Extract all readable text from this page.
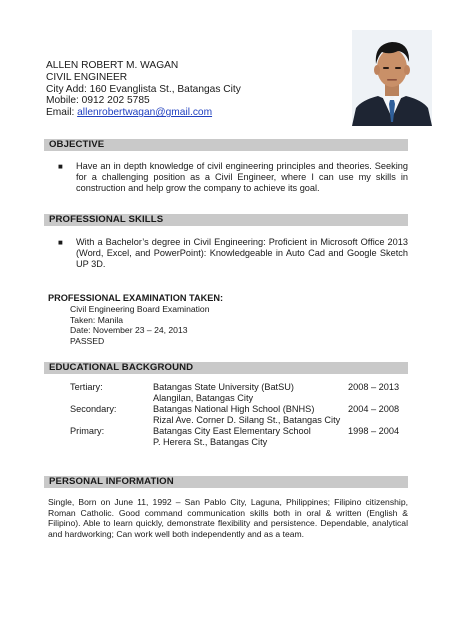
ALLEN ROBERT M. WAGAN
CIVIL ENGINEER
City Add: 160 Evanglista St., Batangas City
Mobile: 0912 202 5785
Email: allenrobertwagan@gmail.com
OBJECTIVE
■	Have an in depth knowledge of civil engineering principles and theories. Seeking for a challenging position as a Civil Engineer, where I can use my skills in construction and help grow the company to achieve its goal.
PROFESSIONAL SKILLS
■	With a Bachelor’s degree in Civil Engineering: Proficient in Microsoft Office 2013 (Word, Excel, and PowerPoint): Knowledgeable in Auto Cad and Google Sketch UP 3D.
PROFESSIONAL EXAMINATION TAKEN:
Civil Engineering Board Examination
Taken: Manila
Date: November 23 – 24, 2013
PASSED
EDUCATIONAL BACKGROUND
Tertiary:	Batangas State University (BatSU)	2008 – 2013
Alangilan, Batangas City
Secondary:	Batangas National High School (BNHS)	2004 – 2008
Rizal Ave. Corner D. Silang St., Batangas City
Primary:	Batangas City East Elementary School	1998 – 2004
P. Herera St., Batangas City
PERSONAL INFORMATION
Single, Born on June 11, 1992 – San Pablo City, Laguna, Philippines; Filipino citizenship, Roman Catholic. Good command communication skills both in oral & written (English & Filipino). Able to learn quickly, demonstrate flexibility and persistence. Dependable, analytical and hardworking; Can work well both independently and as a team.
